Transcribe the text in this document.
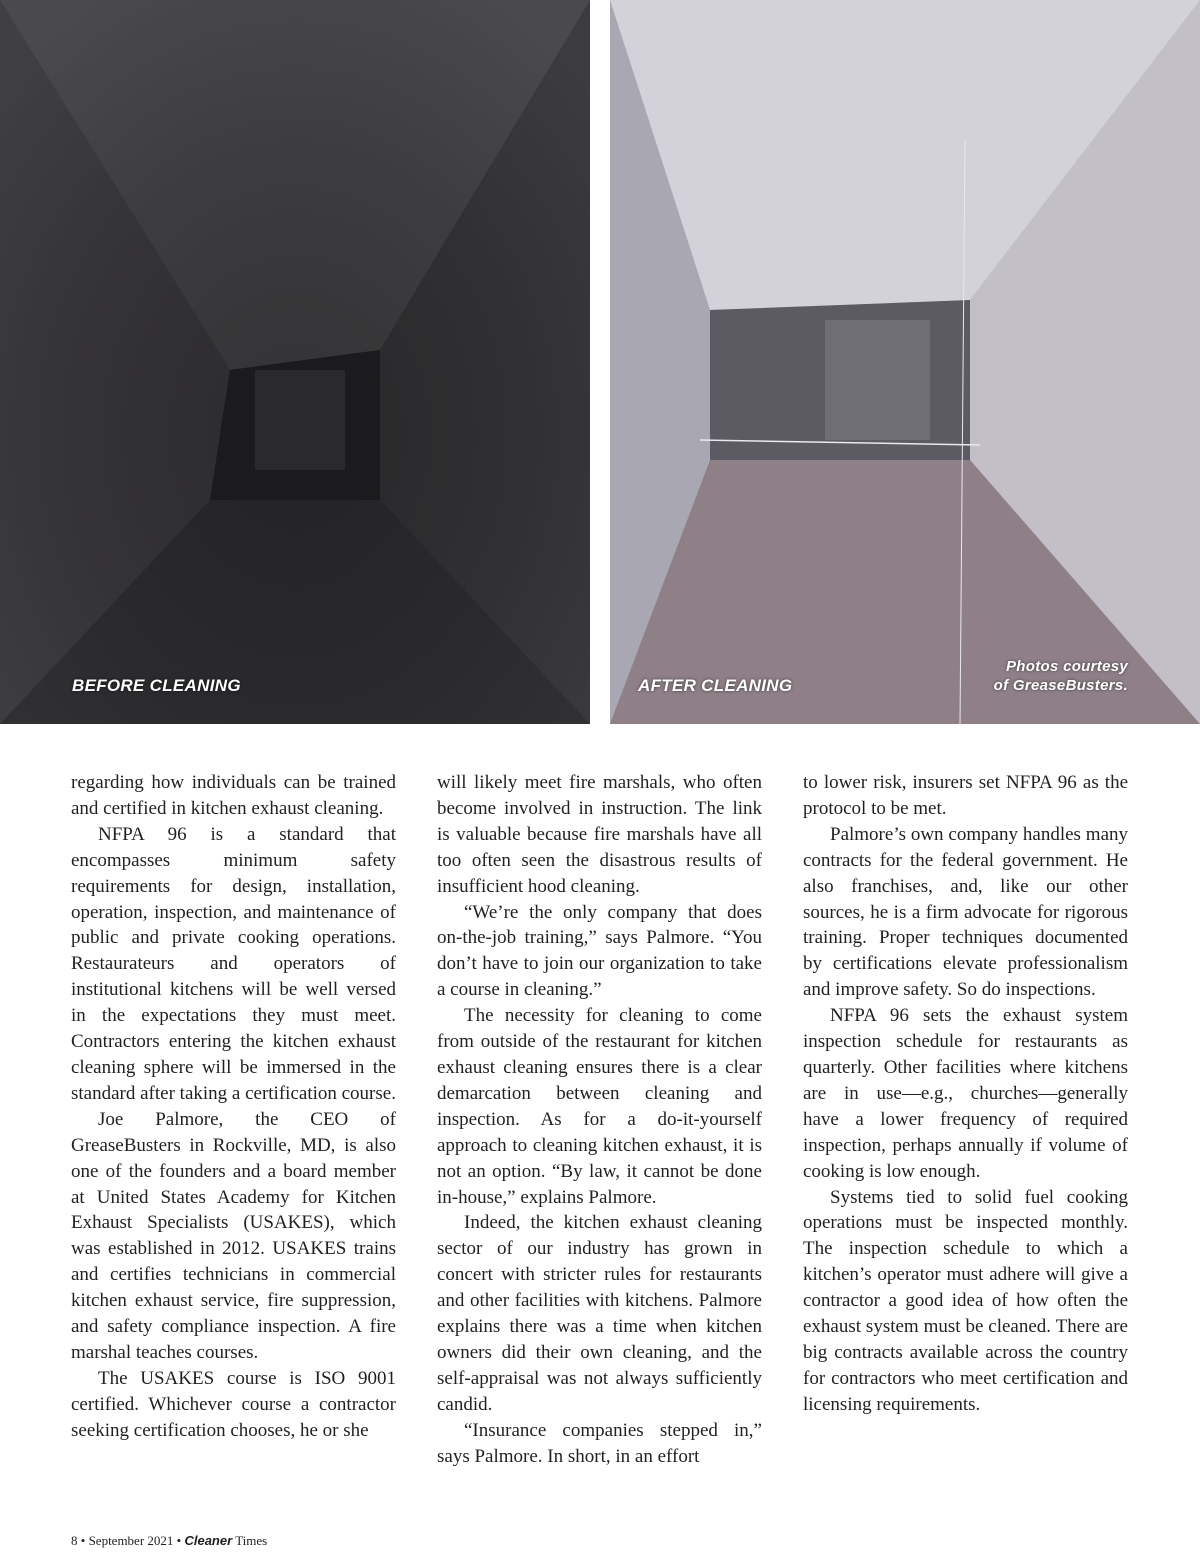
BEFORE CLEANING	AFTER CLEANING
Photos courtesy
of GreaseBusters.

regarding how individuals can be trained and certified in kitchen exhaust cleaning.

NFPA 96 is a standard that encompasses minimum safety requirements for design, installation, operation, inspection, and maintenance of public and private cooking operations. Restaurateurs and operators of institutional kitchens will be well versed in the expectations they must meet. Contractors entering the kitchen exhaust cleaning sphere will be immersed in the standard after taking a certification course.

Joe Palmore, the CEO of GreaseBusters in Rockville, MD, is also one of the founders and a board member at United States Academy for Kitchen Exhaust Specialists (USAKES), which was established in 2012. USAKES trains and certifies technicians in commercial kitchen exhaust service, fire suppression, and safety compliance inspection. A fire marshal teaches courses.

The USAKES course is ISO 9001 certified. Whichever course a contractor seeking certification chooses, he or she

will likely meet fire marshals, who often become involved in instruction. The link is valuable because fire marshals have all too often seen the disastrous results of insufficient hood cleaning.

“We’re the only company that does on-the-job training,” says Palmore. “You don’t have to join our organization to take a course in cleaning.”

The necessity for cleaning to come from outside of the restaurant for kitchen exhaust cleaning ensures there is a clear demarcation between cleaning and inspection. As for a do-it-yourself approach to cleaning kitchen exhaust, it is not an option. “By law, it cannot be done in-house,” explains Palmore.

Indeed, the kitchen exhaust cleaning sector of our industry has grown in concert with stricter rules for restaurants and other facilities with kitchens. Palmore explains there was a time when kitchen owners did their own cleaning, and the self-appraisal was not always sufficiently candid.

“Insurance companies stepped in,” says Palmore. In short, in an effort

to lower risk, insurers set NFPA 96 as the protocol to be met.

Palmore’s own company handles many contracts for the federal government. He also franchises, and, like our other sources, he is a firm advocate for rigorous training. Proper techniques documented by certifications elevate professionalism and improve safety. So do inspections.

NFPA 96 sets the exhaust system inspection schedule for restaurants as quarterly. Other facilities where kitchens are in use—e.g., churches—generally have a lower frequency of required inspection, perhaps annually if volume of cooking is low enough.

Systems tied to solid fuel cooking operations must be inspected monthly. The inspection schedule to which a kitchen’s operator must adhere will give a contractor a good idea of how often the exhaust system must be cleaned. There are big contracts available across the country for contractors who meet certification and licensing requirements.

8 • September 2021 • Cleaner Times
